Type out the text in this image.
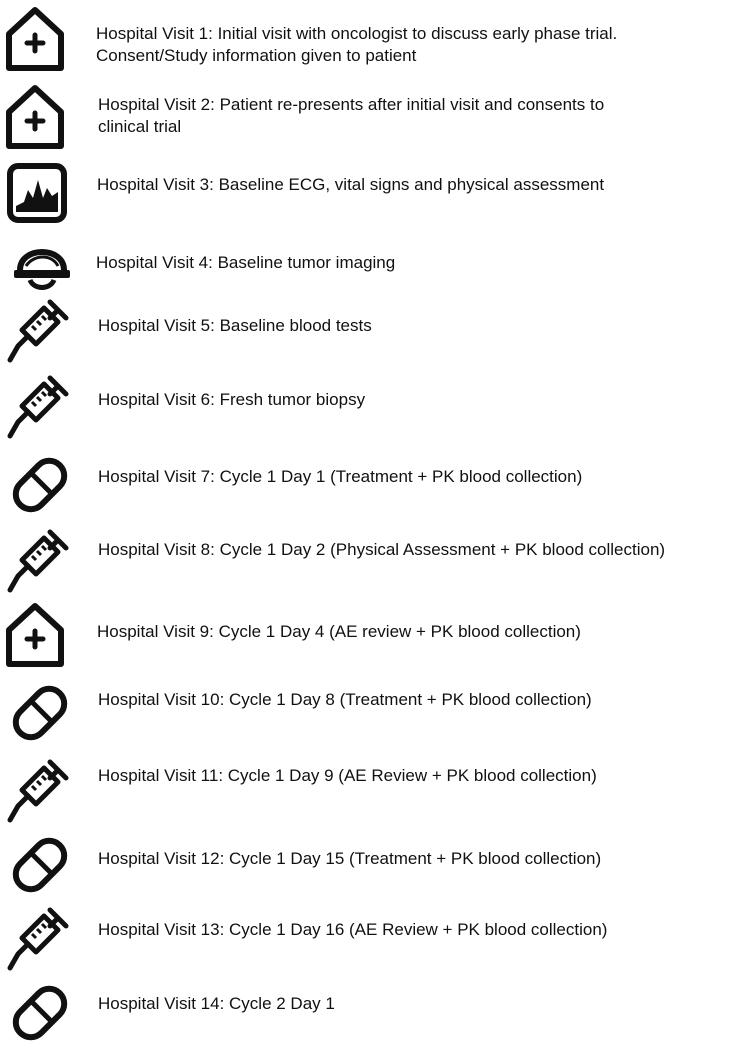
Hospital Visit 1: Initial visit with oncologist to discuss early phase trial.
Consent/Study information given to patient
Hospital Visit 2: Patient re-presents after initial visit and consents to
clinical trial
Hospital Visit 3: Baseline ECG, vital signs and physical assessment
Hospital Visit 4: Baseline tumor imaging
Hospital Visit 5: Baseline blood tests
Hospital Visit 6: Fresh tumor biopsy
Hospital Visit 7: Cycle 1 Day 1 (Treatment + PK blood collection)
Hospital Visit 8: Cycle 1 Day 2 (Physical Assessment + PK blood collection)
Hospital Visit 9: Cycle 1 Day 4 (AE review + PK blood collection)
Hospital Visit 10: Cycle 1 Day 8 (Treatment + PK blood collection)
Hospital Visit 11: Cycle 1 Day 9 (AE Review + PK blood collection)
Hospital Visit 12: Cycle 1 Day 15 (Treatment + PK blood collection)
Hospital Visit 13: Cycle 1 Day 16 (AE Review + PK blood collection)
Hospital Visit 14: Cycle 2 Day 1
